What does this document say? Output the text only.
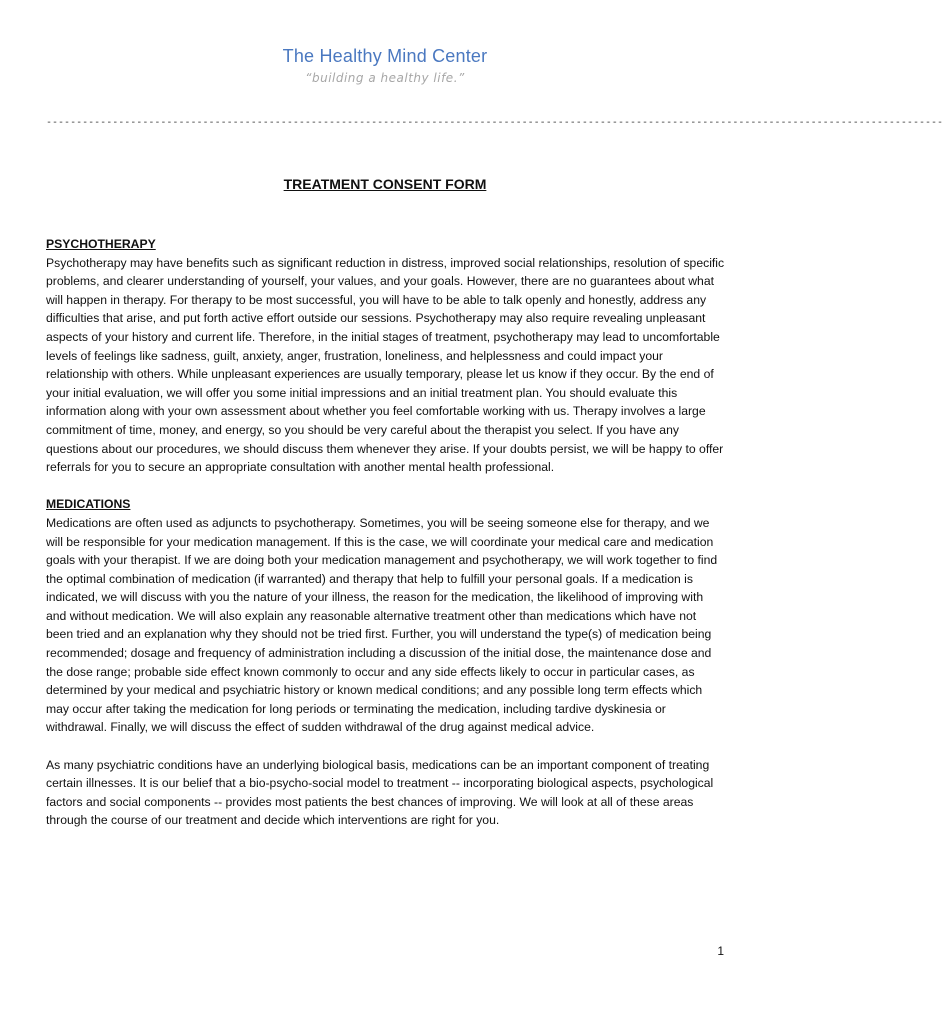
The Healthy Mind Center
“building a healthy life.”
-----------------------------------------------------------------------------------------------------------------------------------------------------
TREATMENT CONSENT FORM

PSYCHOTHERAPY

Psychotherapy may have benefits such as significant reduction in distress, improved social relationships, resolution of specific problems, and clearer understanding of yourself, your values, and your goals. However, there are no guarantees about what will happen in therapy. For therapy to be most successful, you will have to be able to talk openly and honestly, address any difficulties that arise, and put forth active effort outside our sessions. Psychotherapy may also require revealing unpleasant aspects of your history and current life. Therefore, in the initial stages of treatment, psychotherapy may lead to uncomfortable levels of feelings like sadness, guilt, anxiety, anger, frustration, loneliness, and helplessness and could impact your relationship with others. While unpleasant experiences are usually temporary, please let us know if they occur. By the end of your initial evaluation, we will offer you some initial impressions and an initial treatment plan. You should evaluate this information along with your own assessment about whether you feel comfortable working with us. Therapy involves a large commitment of time, money, and energy, so you should be very careful about the therapist you select. If you have any questions about our procedures, we should discuss them whenever they arise. If your doubts persist, we will be happy to offer referrals for you to secure an appropriate consultation with another mental health professional.

MEDICATIONS

Medications are often used as adjuncts to psychotherapy. Sometimes, you will be seeing someone else for therapy, and we will be responsible for your medication management. If this is the case, we will coordinate your medical care and medication goals with your therapist. If we are doing both your medication management and psychotherapy, we will work together to find the optimal combination of medication (if warranted) and therapy that help to fulfill your personal goals. If a medication is indicated, we will discuss with you the nature of your illness, the reason for the medication, the likelihood of improving with and without medication. We will also explain any reasonable alternative treatment other than medications which have not been tried and an explanation why they should not be tried first. Further, you will understand the type(s) of medication being recommended; dosage and frequency of administration including a discussion of the initial dose, the maintenance dose and the dose range; probable side effect known commonly to occur and any side effects likely to occur in particular cases, as determined by your medical and psychiatric history or known medical conditions; and any possible long term effects which may occur after taking the medication for long periods or terminating the medication, including tardive dyskinesia or withdrawal. Finally, we will discuss the effect of sudden withdrawal of the drug against medical advice.

As many psychiatric conditions have an underlying biological basis, medications can be an important component of treating certain illnesses. It is our belief that a bio-psycho-social model to treatment -- incorporating biological aspects, psychological factors and social components -- provides most patients the best chances of improving. We will look at all of these areas through the course of our treatment and decide which interventions are right for you.

1
